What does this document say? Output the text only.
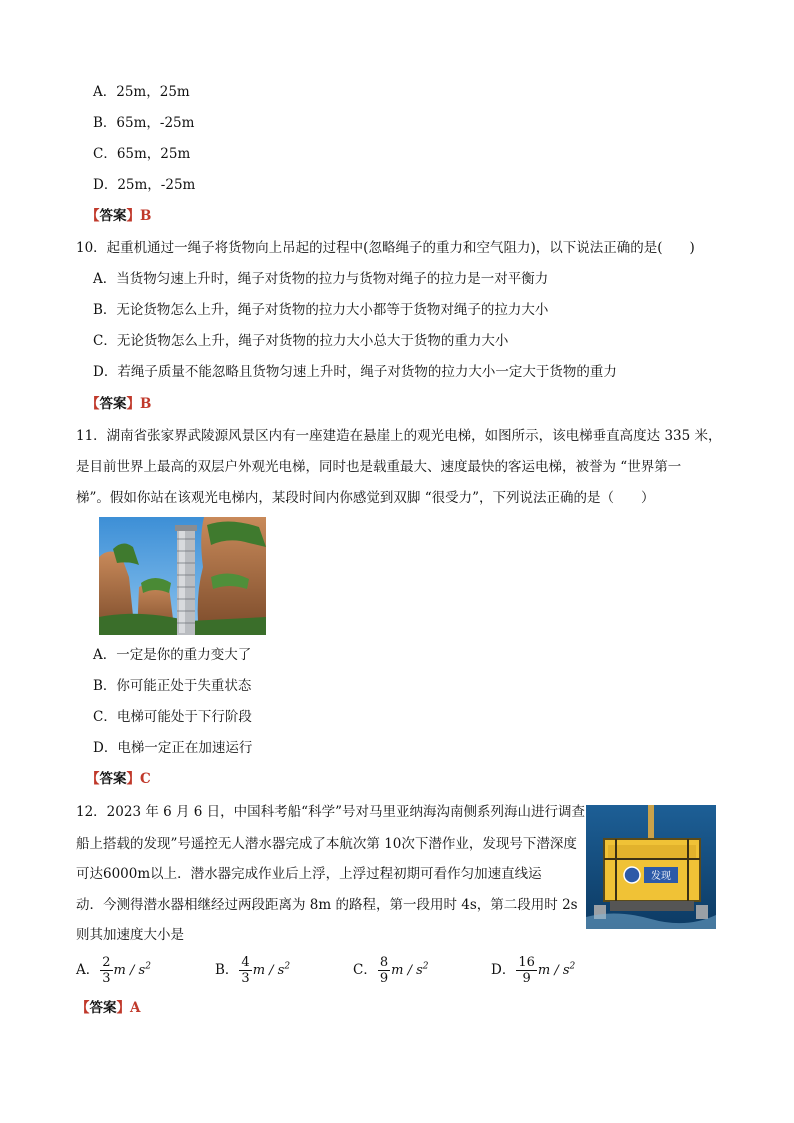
A．25m，25m
B．65m，-25m
C．65m，25m
D．25m，-25m
【答案】B
10．起重机通过一绳子将货物向上吊起的过程中(忽略绳子的重力和空气阻力)，以下说法正确的是(　　)
A．当货物匀速上升时，绳子对货物的拉力与货物对绳子的拉力是一对平衡力
B．无论货物怎么上升，绳子对货物的拉力大小都等于货物对绳子的拉力大小
C．无论货物怎么上升，绳子对货物的拉力大小总大于货物的重力大小
D．若绳子质量不能忽略且货物匀速上升时，绳子对货物的拉力大小一定大于货物的重力
【答案】B
11．湖南省张家界武陵源风景区内有一座建造在悬崖上的观光电梯，如图所示，该电梯垂直高度达 335 米，
是目前世界上最高的双层户外观光电梯，同时也是载重最大、速度最快的客运电梯，被誉为 “世界第一
梯”。假如你站在该观光电梯内，某段时间内你感觉到双脚 “很受力”，下列说法正确的是（　　）
A．一定是你的重力变大了
B．你可能正处于失重状态
C．电梯可能处于下行阶段
D．电梯一定正在加速运行
【答案】C
12．2023 年 6 月 6 日，中国科考船“科学”号对马里亚纳海沟南侧系列海山进行调查
船上搭载的发现”号遥控无人潜水器完成了本航次第 10次下潜作业，发现号下潜深度
可达6000m以上．潜水器完成作业后上浮，上浮过程初期可看作匀加速直线运
动．今测得潜水器相继经过两段距离为 8m 的路程，第一段用时 4s，第二段用时 2s
则其加速度大小是
发现
A． $\frac{2}{3}$ m / $s^2$	B． $\frac{4}{3}$ m / $s^2$	C． $\frac{8}{9}$ m / $s^2$	D． $\frac{16}{9}$ m / $s^2$
【答案】A
